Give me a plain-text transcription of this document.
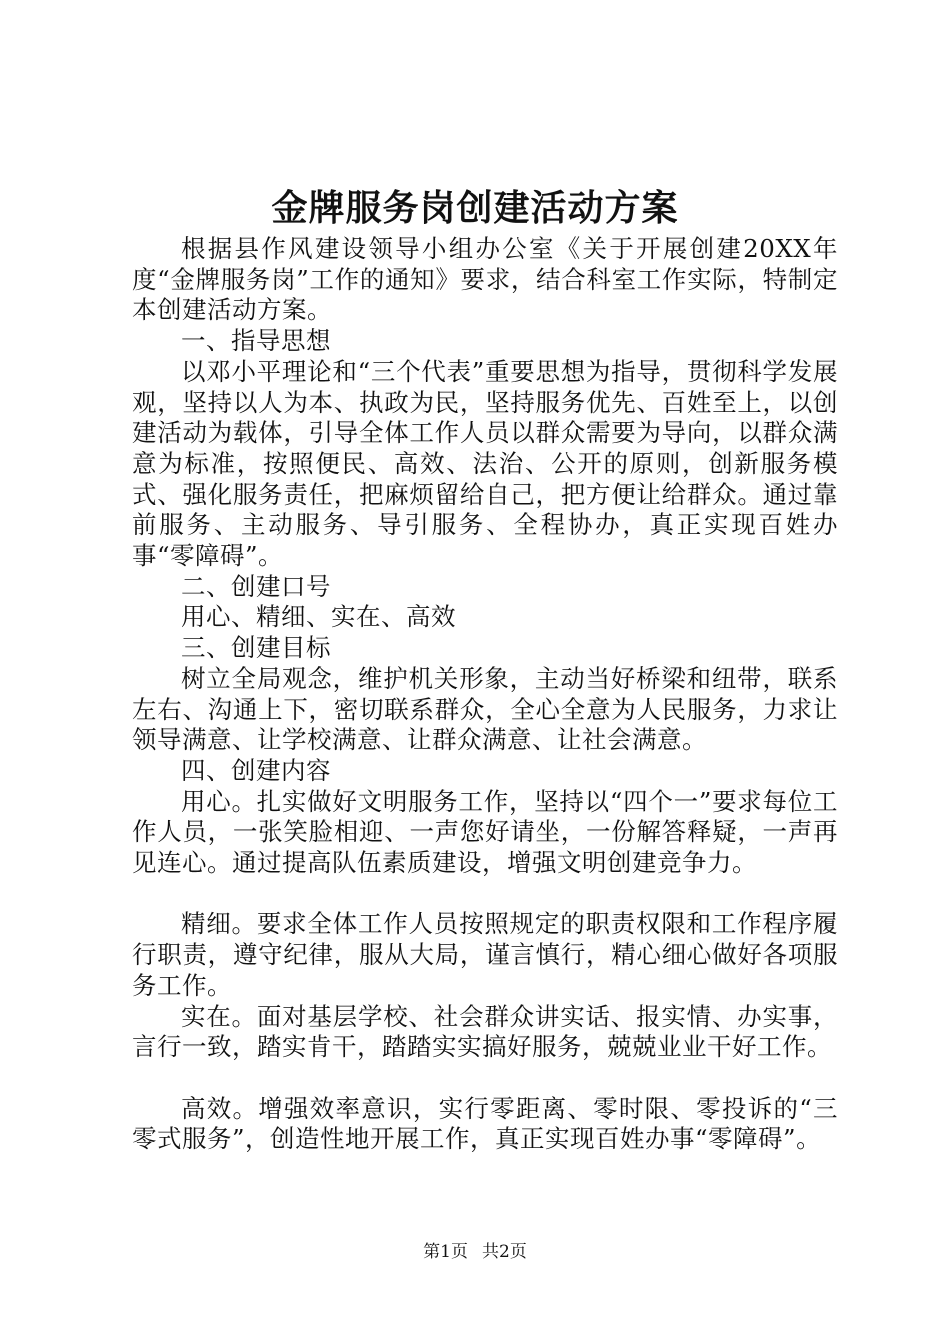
金牌服务岗创建活动方案

根据县作风建设领导小组办公室《关于开展创建20XX年度“金牌服务岗”工作的通知》要求，结合科室工作实际，特制定本创建活动方案。

一、指导思想

以邓小平理论和“三个代表”重要思想为指导，贯彻科学发展观，坚持以人为本、执政为民，坚持服务优先、百姓至上，以创建活动为载体，引导全体工作人员以群众需要为导向，以群众满意为标准，按照便民、高效、法治、公开的原则，创新服务模式、强化服务责任，把麻烦留给自己，把方便让给群众。通过靠前服务、主动服务、导引服务、全程协办，真正实现百姓办事“零障碍”。

二、创建口号

用心、精细、实在、高效

三、创建目标

树立全局观念，维护机关形象，主动当好桥梁和纽带，联系左右、沟通上下，密切联系群众，全心全意为人民服务，力求让领导满意、让学校满意、让群众满意、让社会满意。

四、创建内容

用心。扎实做好文明服务工作，坚持以“四个一”要求每位工作人员，一张笑脸相迎、一声您好请坐，一份解答释疑，一声再见连心。通过提高队伍素质建设，增强文明创建竞争力。

精细。要求全体工作人员按照规定的职责权限和工作程序履行职责，遵守纪律，服从大局，谨言慎行，精心细心做好各项服务工作。

实在。面对基层学校、社会群众讲实话、报实情、办实事，言行一致，踏实肯干，踏踏实实搞好服务，兢兢业业干好工作。

高效。增强效率意识，实行零距离、零时限、零投诉的“三零式服务”，创造性地开展工作，真正实现百姓办事“零障碍”。

第1页 共2页
